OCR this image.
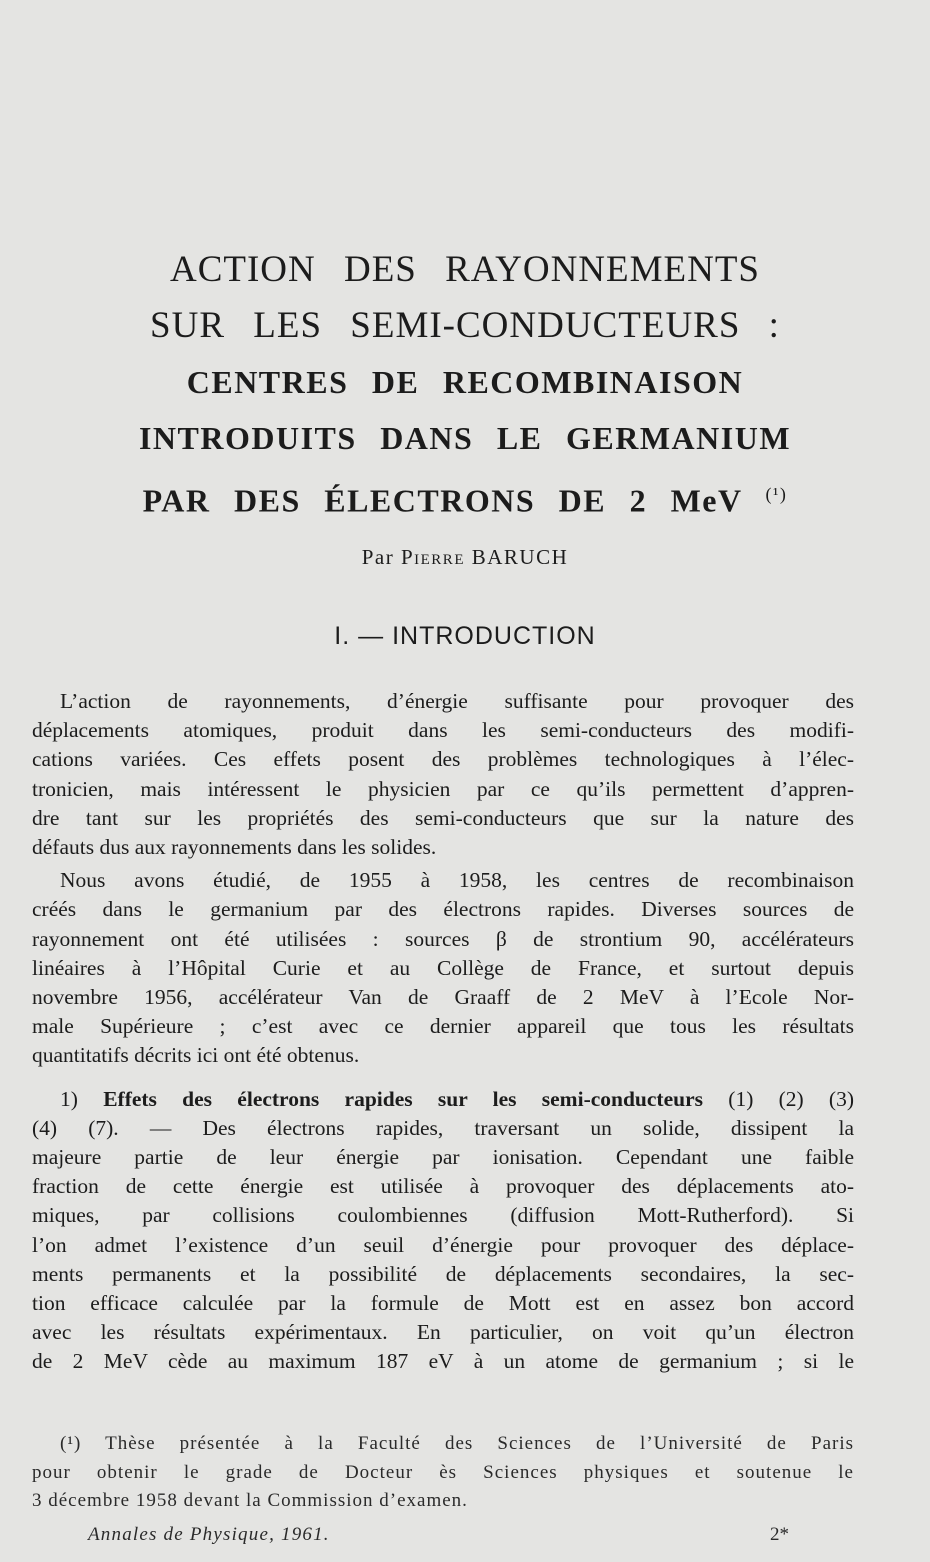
ACTION DES RAYONNEMENTS
SUR LES SEMI-CONDUCTEURS :
CENTRES DE RECOMBINAISON
INTRODUITS DANS LE GERMANIUM
PAR DES ÉLECTRONS DE 2 MeV $^{(^1)}$
Par Pierre BARUCH
I. — INTRODUCTION
L’action de rayonnements, d’énergie suffisante pour provoquer des
déplacements atomiques, produit dans les semi-conducteurs des modifi-
cations variées. Ces effets posent des problèmes technologiques à l’élec-
tronicien, mais intéressent le physicien par ce qu’ils permettent d’appren-
dre tant sur les propriétés des semi-conducteurs que sur la nature des
défauts dus aux rayonnements dans les solides.
Nous avons étudié, de 1955 à 1958, les centres de recombinaison
créés dans le germanium par des électrons rapides. Diverses sources de
rayonnement ont été utilisées : sources β de strontium 90, accélérateurs
linéaires à l’Hôpital Curie et au Collège de France, et surtout depuis
novembre 1956, accélérateur Van de Graaff de 2 MeV à l’Ecole Nor-
male Supérieure ; c’est avec ce dernier appareil que tous les résultats
quantitatifs décrits ici ont été obtenus.
1) Effets des électrons rapides sur les semi-conducteurs (1) (2) (3)
(4) (7). — Des électrons rapides, traversant un solide, dissipent la
majeure partie de leur énergie par ionisation. Cependant une faible
fraction de cette énergie est utilisée à provoquer des déplacements ato-
miques, par collisions coulombiennes (diffusion Mott-Rutherford). Si
l’on admet l’existence d’un seuil d’énergie pour provoquer des déplace-
ments permanents et la possibilité de déplacements secondaires, la sec-
tion efficace calculée par la formule de Mott est en assez bon accord
avec les résultats expérimentaux. En particulier, on voit qu’un électron
de 2 MeV cède au maximum 187 eV à un atome de germanium ; si le
(¹) Thèse présentée à la Faculté des Sciences de l’Université de Paris
pour obtenir le grade de Docteur ès Sciences physiques et soutenue le
3 décembre 1958 devant la Commission d’examen.
Annales de Physique, 1961.	2*
